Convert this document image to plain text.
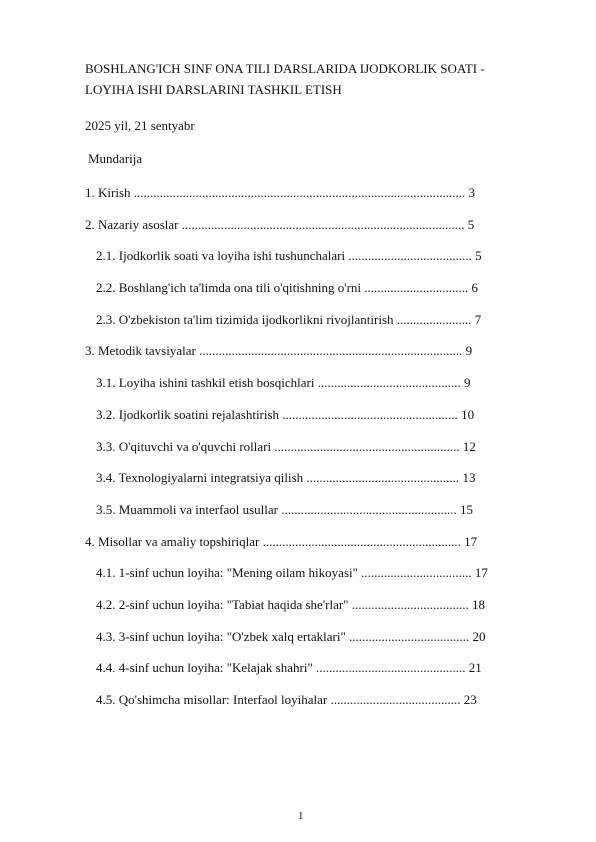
BOSHLANG'ICH SINF ONA TILI DARSLARIDA IJODKORLIK SOATI -
LOYIHA ISHI DARSLARINI TASHKIL ETISH
2025 yil, 21 sentyabr
Mundarija
1. Kirish ...................................................................................................... 3
2. Nazariy asoslar ....................................................................................... 5
2.1. Ijodkorlik soati va loyiha ishi tushunchalari ...................................... 5
2.2. Boshlang'ich ta'limda ona tili o'qitishning o'rni ................................ 6
2.3. O'zbekiston ta'lim tizimida ijodkorlikni rivojlantirish ....................... 7
3. Metodik tavsiyalar ................................................................................. 9
3.1. Loyiha ishini tashkil etish bosqichlari ............................................ 9
3.2. Ijodkorlik soatini rejalashtirish ...................................................... 10
3.3. O'qituvchi va o'quvchi rollari ......................................................... 12
3.4. Texnologiyalarni integratsiya qilish ............................................... 13
3.5. Muammoli va interfaol usullar ...................................................... 15
4. Misollar va amaliy topshiriqlar ............................................................. 17
4.1. 1-sinf uchun loyiha: "Mening oilam hikoyasi" .................................. 17
4.2. 2-sinf uchun loyiha: "Tabiat haqida she'rlar" .................................... 18
4.3. 3-sinf uchun loyiha: "O'zbek xalq ertaklari" ..................................... 20
4.4. 4-sinf uchun loyiha: "Kelajak shahri" .............................................. 21
4.5. Qo'shimcha misollar: Interfaol loyihalar ........................................ 23
1
